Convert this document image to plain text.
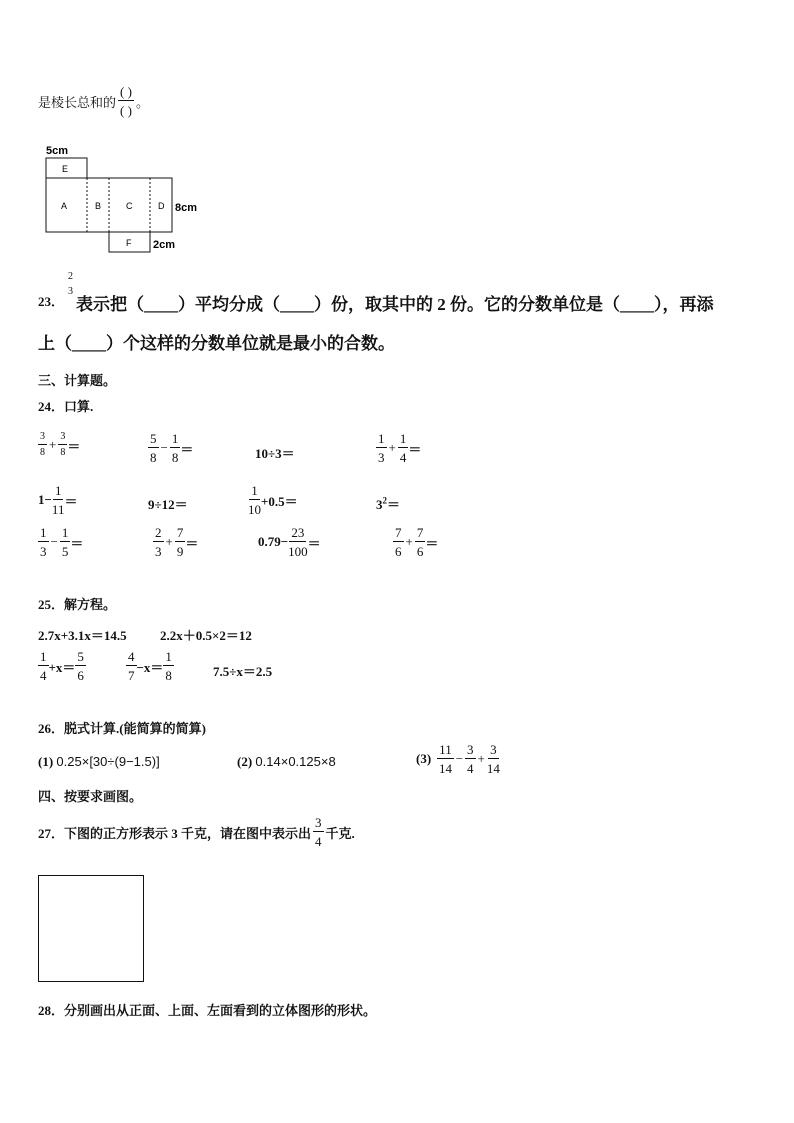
是棱长总和的 $\frac{( )}{( )}$ 。
5cm
E
A	B	C	D
F
8cm
2cm
23．
2
3
表示把（____）平均分成（____）份，取其中的 2 份。它的分数单位是（____），再添
上（____）个这样的分数单位就是最小的合数。
三、计算题。
24．口算.
$\frac{3}{8} + \frac{3}{8}$ ＝	$\frac{5}{8} - \frac{1}{8}$ ＝	10÷3＝	$\frac{1}{3} + \frac{1}{4}$ ＝
$1- \frac{1}{11}$ ＝	9÷12＝	$\frac{1}{10} +0.5=$	$3^2=$
$\frac{1}{3} - \frac{1}{5}$ ＝	$\frac{2}{3} + \frac{7}{9}$ ＝	$0.79- \frac{23}{100}$ ＝	$\frac{7}{6} + \frac{7}{6}$ ＝
25．解方程。
2.7x+3.1x＝14.5	2.2x＋0.5×2＝12
$\frac{1}{4} +x= \frac{5}{6}$	$\frac{4}{7} -x= \frac{1}{8}$	7.5÷x＝2.5
26．脱式计算.(能简算的简算)
(1) 0.25×[30÷(9−1.5)]	(2) 0.14×0.125×8	$(3) \frac{11}{14} - \frac{3}{4} + \frac{3}{14}$
四、按要求画图。
27．下图的正方形表示 3 千克，请在图中表示出 $\frac{3}{4}$ 千克.
28．分别画出从正面、上面、左面看到的立体图形的形状。
